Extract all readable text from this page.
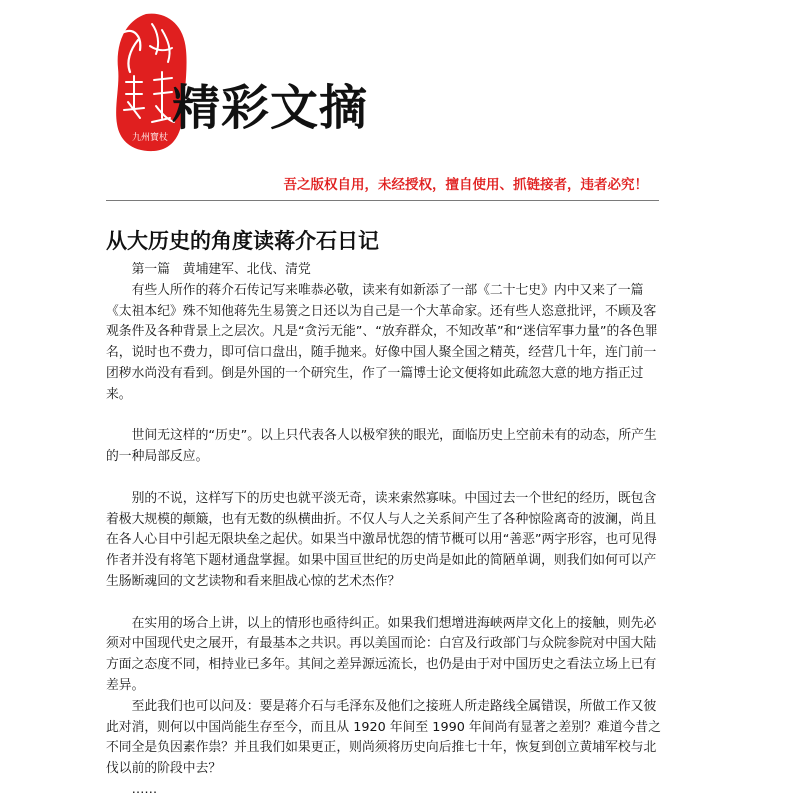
九州寶杖
精彩文摘
吾之版权自用，未经授权，擅自使用、抓链接者，违者必究！
从大历史的角度读蒋介石日记
第一篇　黄埔建军、北伐、清党

有些人所作的蒋介石传记写来唯恭必敬，读来有如新添了一部《二十七史》内中又来了一篇《太祖本纪》殊不知他蒋先生易箦之日还以为自己是一个大革命家。还有些人恣意批评，不顾及客观条件及各种背景上之层次。凡是“贪污无能”、“放弃群众，不知改革”和“迷信军事力量”的各色罪名，说时也不费力，即可信口盘出，随手抛来。好像中国人聚全国之精英，经营几十年，连门前一团秽水尚没有看到。倒是外国的一个研究生，作了一篇博士论文便将如此疏忽大意的地方指正过来。

世间无这样的“历史”。以上只代表各人以极窄狭的眼光，面临历史上空前未有的动态，所产生的一种局部反应。

别的不说，这样写下的历史也就平淡无奇，读来索然寡味。中国过去一个世纪的经历，既包含着极大规模的颠簸，也有无数的纵横曲折。不仅人与人之关系间产生了各种惊险离奇的波澜，尚且在各人心目中引起无限块垒之起伏。如果当中激昂忧怨的情节概可以用“善恶”两字形容，也可见得作者并没有将笔下题材通盘掌握。如果中国亘世纪的历史尚是如此的简陋单调，则我们如何可以产生肠断魂回的文艺读物和看来胆战心惊的艺术杰作？

在实用的场合上讲，以上的情形也亟待纠正。如果我们想增进海峡两岸文化上的接触，则先必须对中国现代史之展开，有最基本之共识。再以美国而论：白宫及行政部门与众院参院对中国大陆方面之态度不同，相持业已多年。其间之差异源远流长，也仍是由于对中国历史之看法立场上已有差异。

至此我们也可以问及：要是蒋介石与毛泽东及他们之接班人所走路线全属错误，所做工作又彼此对消，则何以中国尚能生存至今，而且从 1920 年间至 1990 年间尚有显著之差别？难道今昔之不同全是负因素作祟？并且我们如果更正，则尚须将历史向后推七十年，恢复到创立黄埔军校与北伐以前的阶段中去？

……
